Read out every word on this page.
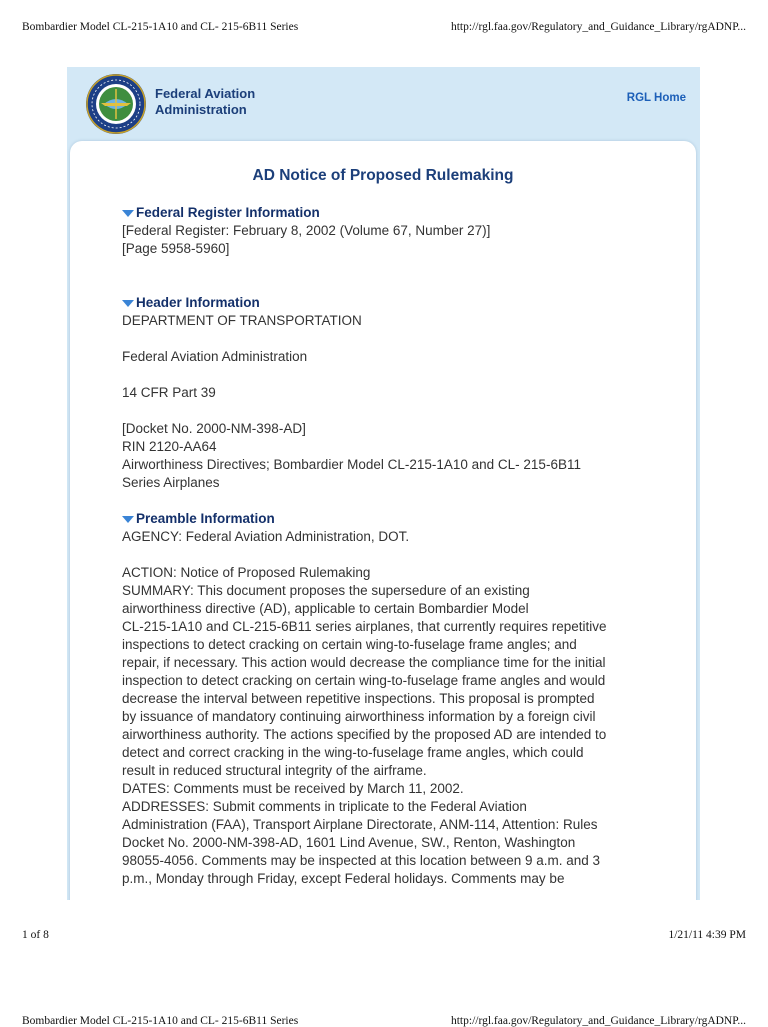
Bombardier Model CL-215-1A10 and CL- 215-6B11 Series	http://rgl.faa.gov/Regulatory_and_Guidance_Library/rgADNP...
Federal Aviation
Administration
RGL Home
AD Notice of Proposed Rulemaking
Federal Register Information

[Federal Register: February 8, 2002 (Volume 67, Number 27)]

[Page 5958-5960]

Header Information

DEPARTMENT OF TRANSPORTATION

Federal Aviation Administration

14 CFR Part 39

[Docket No. 2000-NM-398-AD]

RIN 2120-AA64

Airworthiness Directives; Bombardier Model CL-215-1A10 and CL- 215-6B11

Series Airplanes

Preamble Information

AGENCY: Federal Aviation Administration, DOT.

ACTION: Notice of Proposed Rulemaking

SUMMARY: This document proposes the supersedure of an existing

airworthiness directive (AD), applicable to certain Bombardier Model

CL-215-1A10 and CL-215-6B11 series airplanes, that currently requires repetitive

inspections to detect cracking on certain wing-to-fuselage frame angles; and

repair, if necessary. This action would decrease the compliance time for the initial

inspection to detect cracking on certain wing-to-fuselage frame angles and would

decrease the interval between repetitive inspections. This proposal is prompted

by issuance of mandatory continuing airworthiness information by a foreign civil

airworthiness authority. The actions specified by the proposed AD are intended to

detect and correct cracking in the wing-to-fuselage frame angles, which could

result in reduced structural integrity of the airframe.

DATES: Comments must be received by March 11, 2002.

ADDRESSES: Submit comments in triplicate to the Federal Aviation

Administration (FAA), Transport Airplane Directorate, ANM-114, Attention: Rules

Docket No. 2000-NM-398-AD, 1601 Lind Avenue, SW., Renton, Washington

98055-4056. Comments may be inspected at this location between 9 a.m. and 3

p.m., Monday through Friday, except Federal holidays. Comments may be

1 of 8	1/21/11 4:39 PM
Bombardier Model CL-215-1A10 and CL- 215-6B11 Series	http://rgl.faa.gov/Regulatory_and_Guidance_Library/rgADNP...
